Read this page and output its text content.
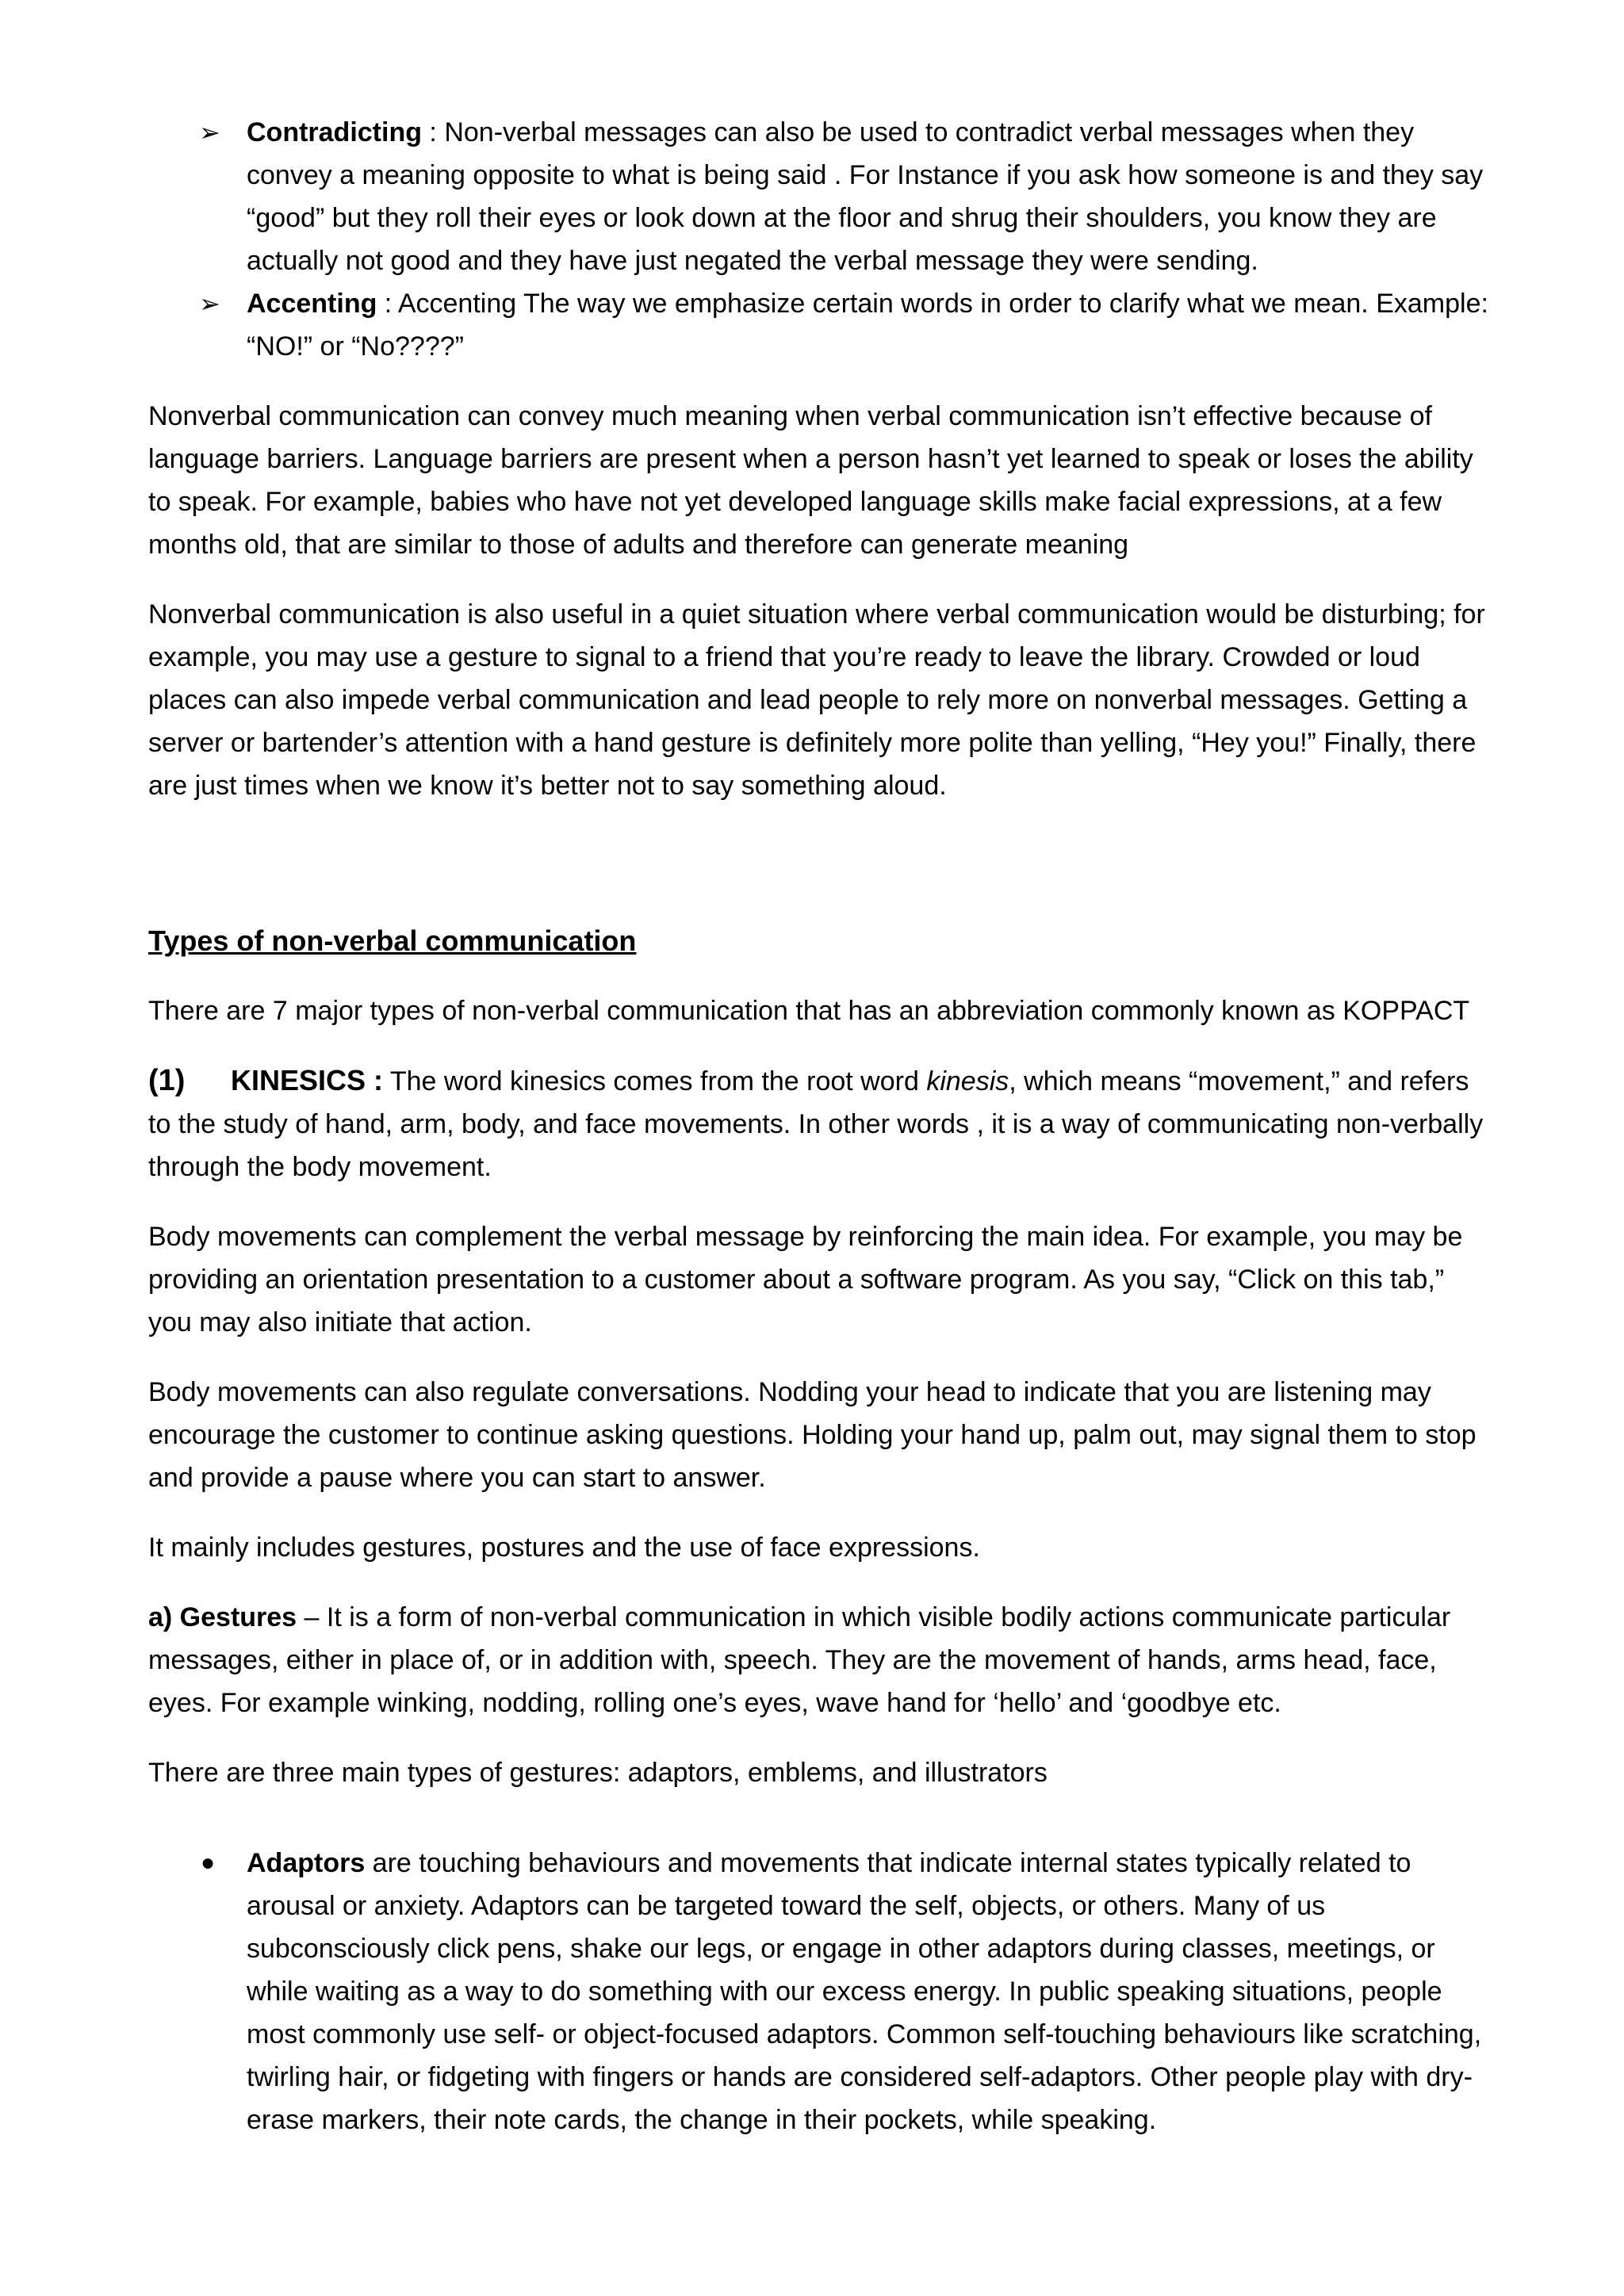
➢ Contradicting : Non-verbal messages can also be used to contradict verbal messages when they convey a meaning opposite to what is being said . For Instance if you ask how someone is and they say “good” but they roll their eyes or look down at the floor and shrug their shoulders, you know they are actually not good and they have just negated the verbal message they were sending.
➢ Accenting : Accenting The way we emphasize certain words in order to clarify what we mean. Example: “NO!” or “No????”

Nonverbal communication can convey much meaning when verbal communication isn’t effective because of language barriers. Language barriers are present when a person hasn’t yet learned to speak or loses the ability to speak. For example, babies who have not yet developed language skills make facial expressions, at a few months old, that are similar to those of adults and therefore can generate meaning

Nonverbal communication is also useful in a quiet situation where verbal communication would be disturbing; for example, you may use a gesture to signal to a friend that you’re ready to leave the library. Crowded or loud places can also impede verbal communication and lead people to rely more on nonverbal messages. Getting a server or bartender’s attention with a hand gesture is definitely more polite than yelling, “Hey you!” Finally, there are just times when we know it’s better not to say something aloud.

Types of non-verbal communication

There are 7 major types of non-verbal communication that has an abbreviation commonly known as KOPPACT

(1) KINESICS : The word kinesics comes from the root word kinesis, which means “movement,” and refers to the study of hand, arm, body, and face movements. In other words , it is a way of communicating non-verbally through the body movement.

Body movements can complement the verbal message by reinforcing the main idea. For example, you may be providing an orientation presentation to a customer about a software program. As you say, “Click on this tab,” you may also initiate that action.

Body movements can also regulate conversations. Nodding your head to indicate that you are listening may encourage the customer to continue asking questions. Holding your hand up, palm out, may signal them to stop and provide a pause where you can start to answer.

It mainly includes gestures, postures and the use of face expressions.

a) Gestures – It is a form of non-verbal communication in which visible bodily actions communicate particular messages, either in place of, or in addition with, speech. They are the movement of hands, arms head, face, eyes. For example winking, nodding, rolling one’s eyes, wave hand for ‘hello’ and ‘goodbye etc.

There are three main types of gestures: adaptors, emblems, and illustrators

● Adaptors are touching behaviours and movements that indicate internal states typically related to arousal or anxiety. Adaptors can be targeted toward the self, objects, or others. Many of us subconsciously click pens, shake our legs, or engage in other adaptors during classes, meetings, or while waiting as a way to do something with our excess energy. In public speaking situations, people most commonly use self- or object-focused adaptors. Common self-touching behaviours like scratching, twirling hair, or fidgeting with fingers or hands are considered self-adaptors. Other people play with dry-erase markers, their note cards, the change in their pockets, while speaking.
